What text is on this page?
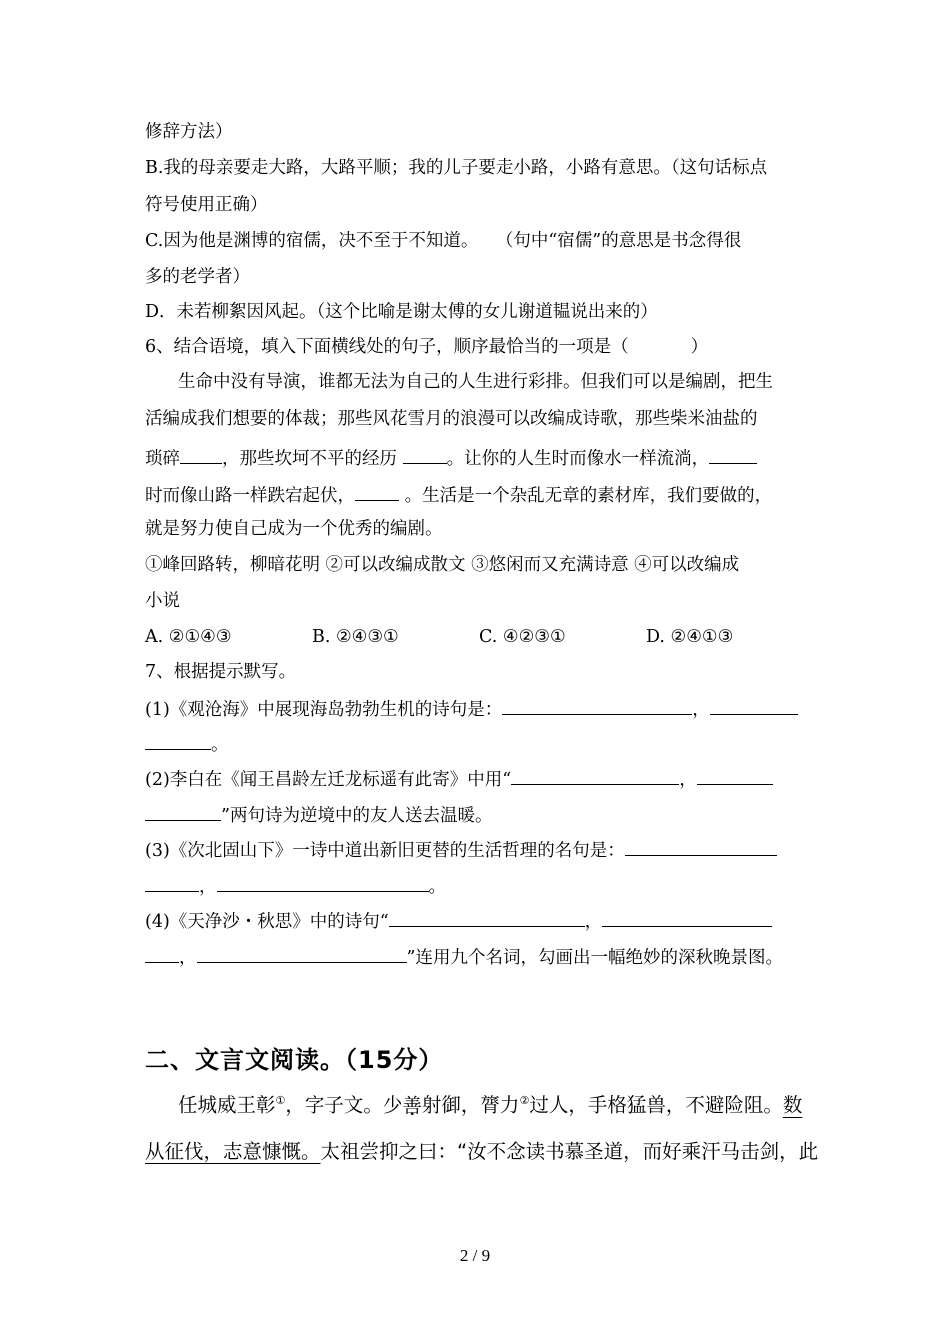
修辞方法）
B.我的母亲要走大路，大路平顺；我的儿子要走小路，小路有意思。（这句话标点
符号使用正确）
C.因为他是渊博的宿儒，决不至于不知道。　　（句中“宿儒”的意思是书念得很
多的老学者）
D．未若柳絮因风起。（这个比喻是谢太傅的女儿谢道韫说出来的）
6、结合语境，填入下面横线处的句子，顺序最恰当的一项是（	）
生命中没有导演，谁都无法为自己的人生进行彩排。但我们可以是编剧，把生
活编成我们想要的体裁；那些风花雪月的浪漫可以改编成诗歌，那些柴米油盐的
琐碎 ，那些坎坷不平的经历	。让你的人生时而像水一样流淌，
时而像山路一样跌宕起伏，	。生活是一个杂乱无章的素材库，我们要做的，
就是努力使自己成为一个优秀的编剧。
①峰回路转，柳暗花明 ②可以改编成散文 ③悠闲而又充满诗意 ④可以改编成
小说
A. ②①④③	B. ②④③①	C. ④②③①	D. ②④①③
7、根据提示默写。
(1)《观沧海》中展现海岛勃勃生机的诗句是：	，
。
(2)李白在《闻王昌龄左迁龙标遥有此寄》中用“	，
”两句诗为逆境中的友人送去温暖。
(3)《次北固山下》一诗中道出新旧更替的生活哲理的名句是：
，	。
(4)《天净沙・秋思》中的诗句“	，
，	”连用九个名词，勾画出一幅绝妙的深秋晚景图。
二、文言文阅读。（15分）
任城威王彰①，字子文。少善射御，膂力②过人，手格猛兽，不避险阻。数
从征伐，志意慷慨。太祖尝抑之曰：“汝不念读书慕圣道，而好乘汗马击剑，此
2 / 9
